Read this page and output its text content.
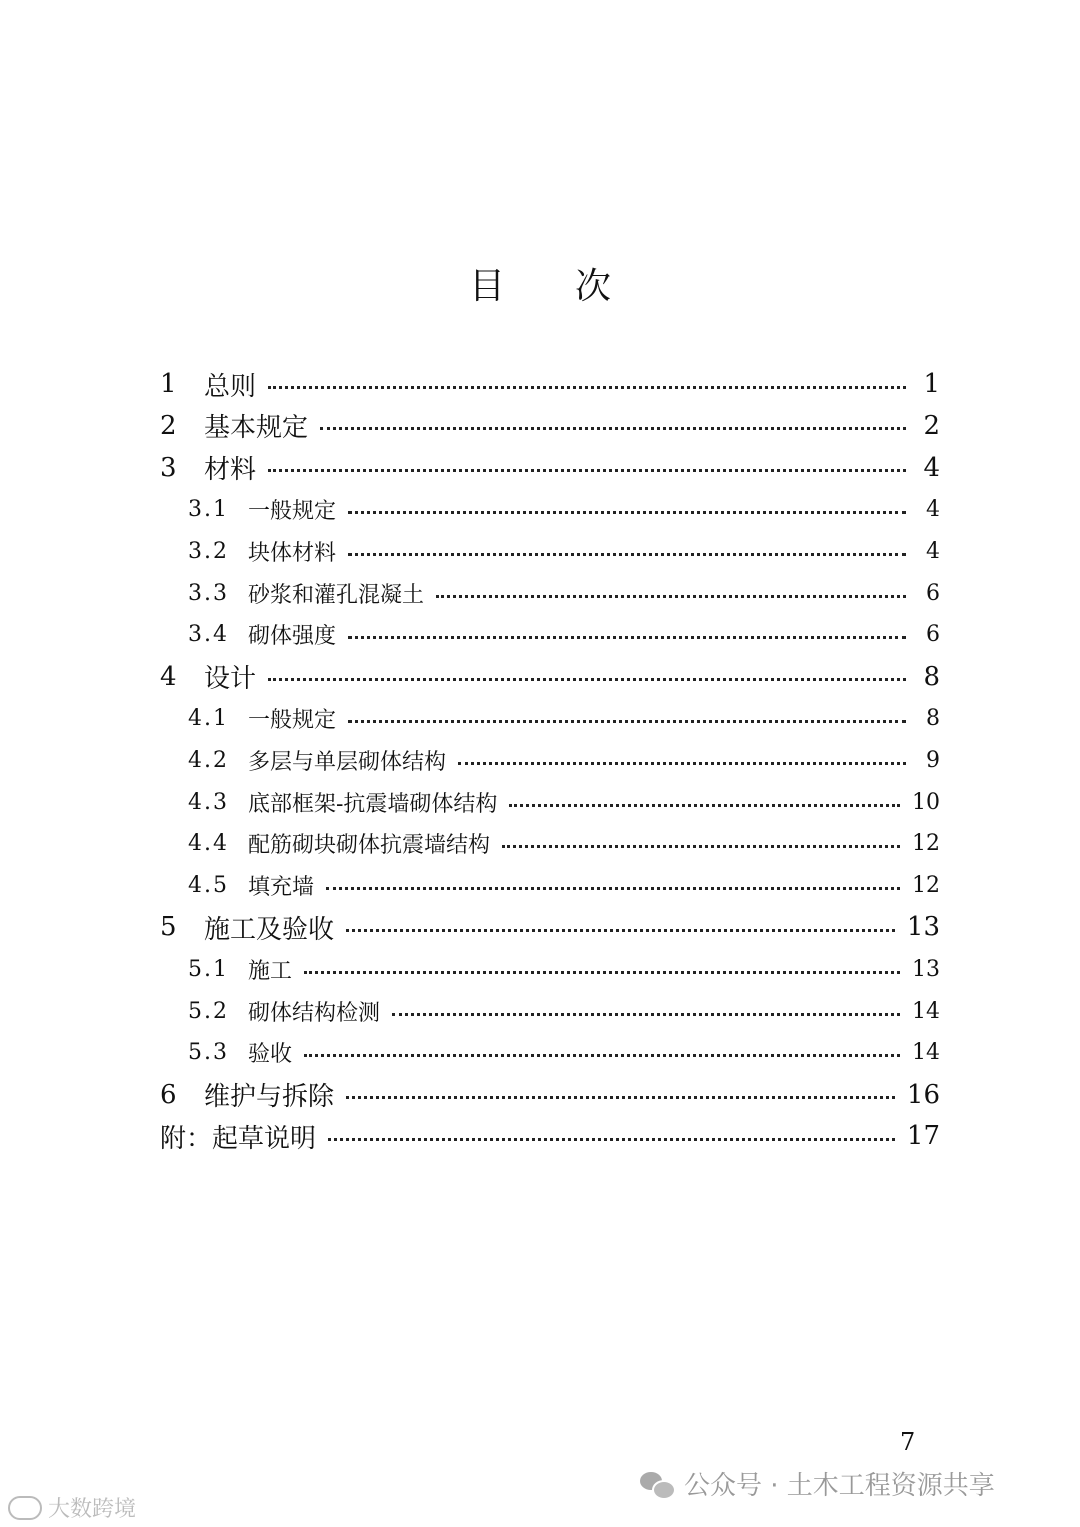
目次
1	总则	1
2	基本规定	2
3	材料	4
3.1 一般规定	4
3.2 块体材料	4
3.3 砂浆和灌孔混凝土	6
3.4 砌体强度	6
4	设计	8
4.1 一般规定	8
4.2 多层与单层砌体结构	9
4.3 底部框架-抗震墙砌体结构	10
4.4 配筋砌块砌体抗震墙结构	12
4.5 填充墙	12
5	施工及验收	13
5.1 施工	13
5.2 砌体结构检测	14
5.3 验收	14
6	维护与拆除	16
附：起草说明	17
7
公众号 · 土木工程资源共享
大数跨境
